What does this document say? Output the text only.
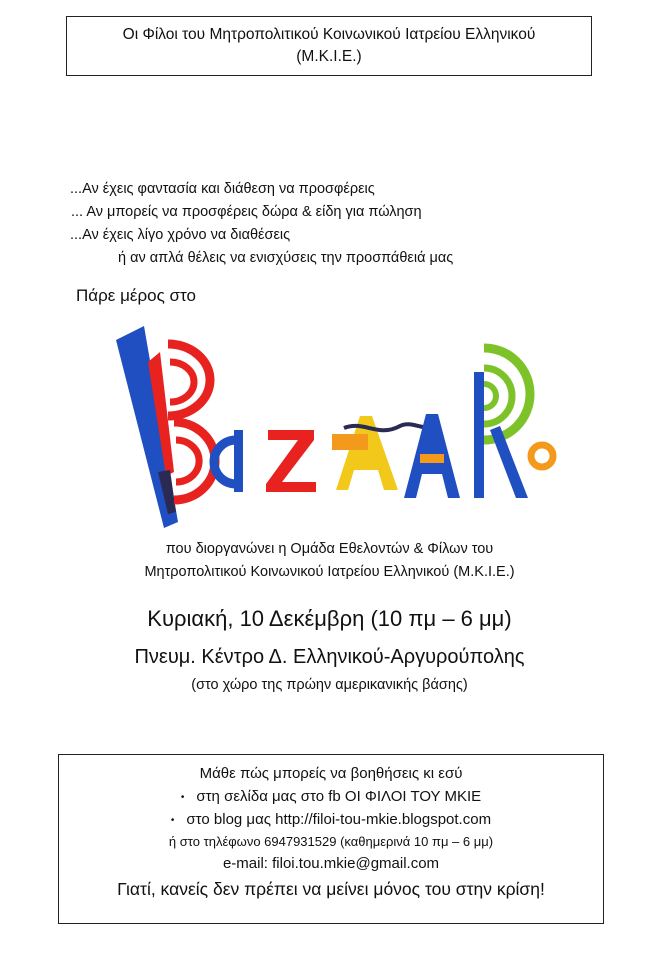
Οι Φίλοι του Μητροπολιτικού Κοινωνικού Ιατρείου Ελληνικού
(Μ.Κ.Ι.Ε.)
...Αν έχεις φαντασία και διάθεση να προσφέρεις
... Αν μπορείς να προσφέρεις δώρα & είδη για πώληση
...Αν έχεις λίγο χρόνο να διαθέσεις
ή αν απλά θέλεις να ενισχύσεις την προσπάθειά μας
Πάρε μέρος στο
που διοργανώνει η Ομάδα Εθελοντών & Φίλων του
Μητροπολιτικού Κοινωνικού Ιατρείου Ελληνικού (Μ.Κ.Ι.Ε.)
Κυριακή, 10 Δεκέμβρη (10 πμ – 6 μμ)
Πνευμ. Κέντρο Δ. Ελληνικού-Αργυρούπολης
(στο χώρο της πρώην αμερικανικής βάσης)
Μάθε πώς μπορείς να βοηθήσεις κι εσύ
• στη σελίδα μας στο fb ΟΙ ΦΙΛΟΙ ΤΟΥ ΜΚΙΕ
• στο blog μας http://filoi-tou-mkie.blogspot.com
ή στο τηλέφωνο 6947931529 (καθημερινά 10 πμ – 6 μμ)
e-mail: filoi.tou.mkie@gmail.com
Γιατί, κανείς δεν πρέπει να μείνει μόνος του στην κρίση!
